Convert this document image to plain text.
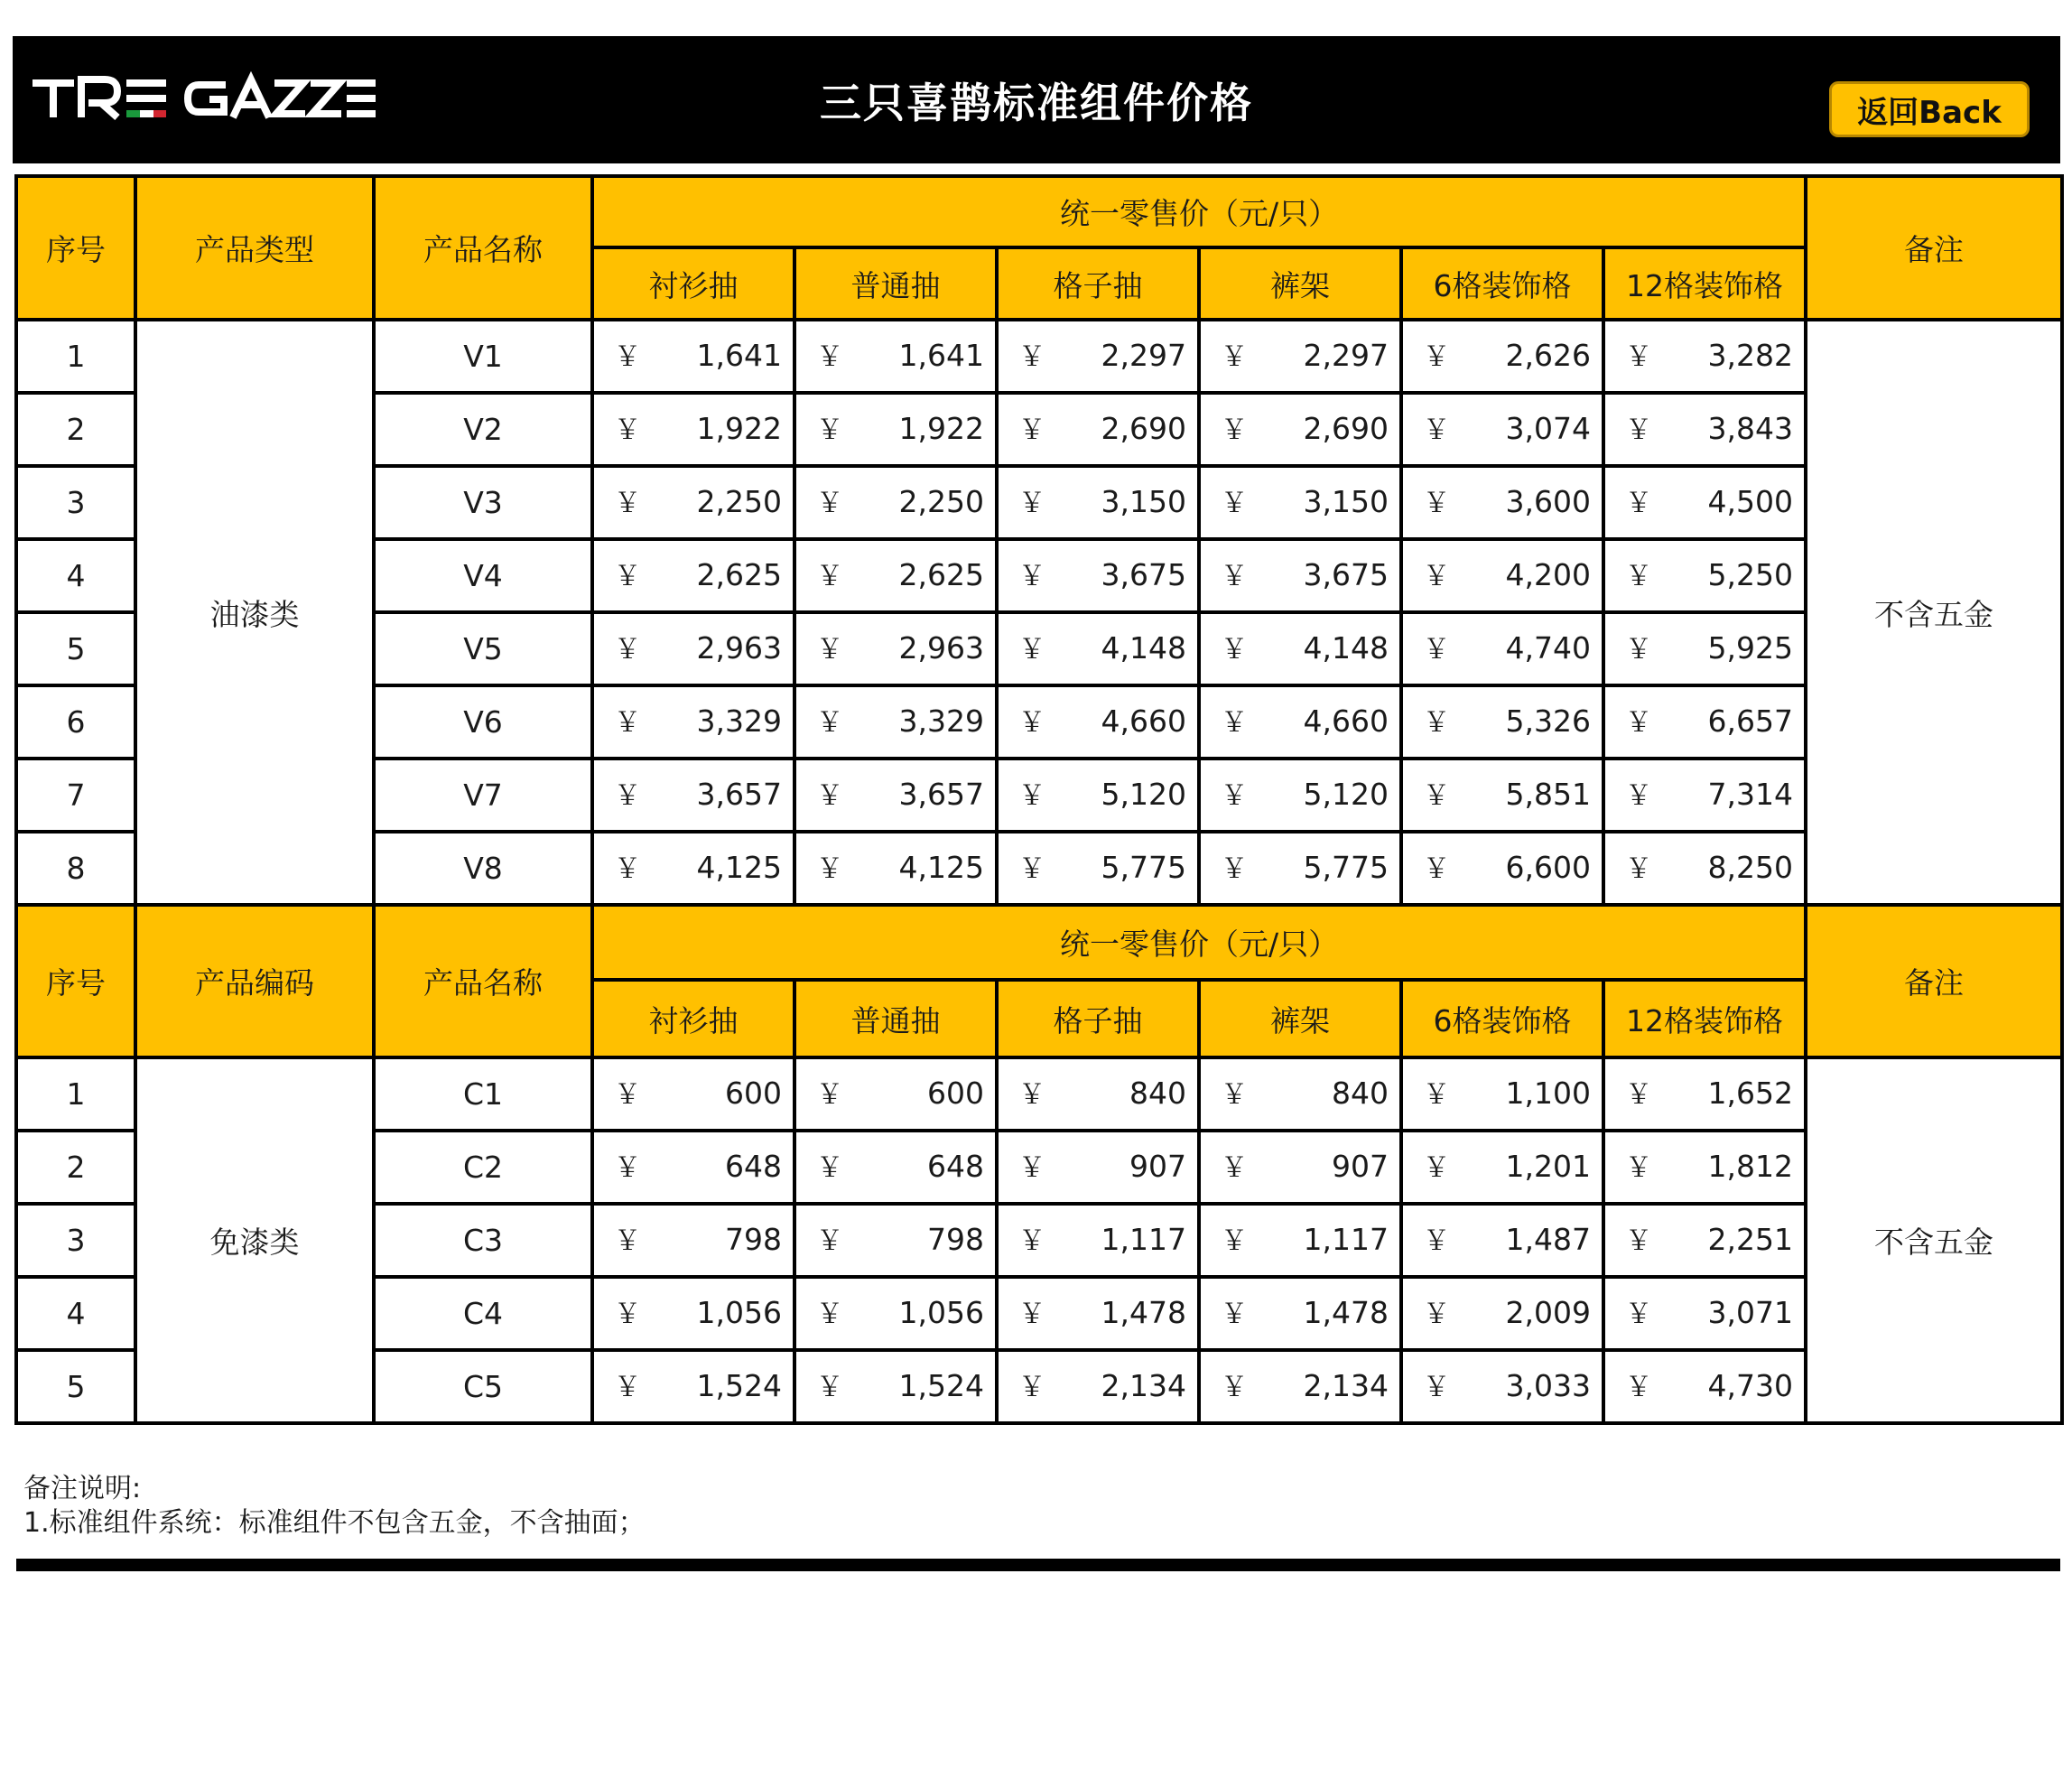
三只喜鹊标准组件价格	返回Back
序号	产品类型	产品名称	统一零售价（元/只）						备注
			衬衫抽	普通抽	格子抽	裤架	6格装饰格	12格装饰格	
1	油漆类	V1	￥ 1,641	￥ 1,641	￥ 2,297	￥ 2,297	￥ 2,626	￥ 3,282	不含五金
2		V2	￥ 1,922	￥ 1,922	￥ 2,690	￥ 2,690	￥ 3,074	￥ 3,843	

3		V3	￥ 2,250	￥ 2,250	￥ 3,150	￥ 3,150	￥ 3,600	￥ 4,500	

4		V4	￥ 2,625	￥ 2,625	￥ 3,675	￥ 3,675	￥ 4,200	￥ 5,250	

5		V5	￥ 2,963	￥ 2,963	￥ 4,148	￥ 4,148	￥ 4,740	￥ 5,925	

6		V6	￥ 3,329	￥ 3,329	￥ 4,660	￥ 4,660	￥ 5,326	￥ 6,657	

7		V7	￥ 3,657	￥ 3,657	￥ 5,120	￥ 5,120	￥ 5,851	￥ 7,314	

8		V8	￥ 4,125	￥ 4,125	￥ 5,775	￥ 5,775	￥ 6,600	￥ 8,250	

序号	产品编码	产品名称	统一零售价（元/只）						备注
			衬衫抽	普通抽	格子抽	裤架	6格装饰格	12格装饰格	
1	免漆类	C1	￥ 600	￥ 600	￥ 840	￥ 840	￥ 1,100	￥ 1,652	不含五金
2		C2	￥ 648	￥ 648	￥ 907	￥ 907	￥ 1,201	￥ 1,812	

3		C3	￥ 798	￥ 798	￥ 1,117	￥ 1,117	￥ 1,487	￥ 2,251	

4		C4	￥ 1,056	￥ 1,056	￥ 1,478	￥ 1,478	￥ 2,009	￥ 3,071	

5		C5	￥ 1,524	￥ 1,524	￥ 2,134	￥ 2,134	￥ 3,033	￥ 4,730	
备注说明:
1.标准组件系统：标准组件不包含五金，不含抽面；
